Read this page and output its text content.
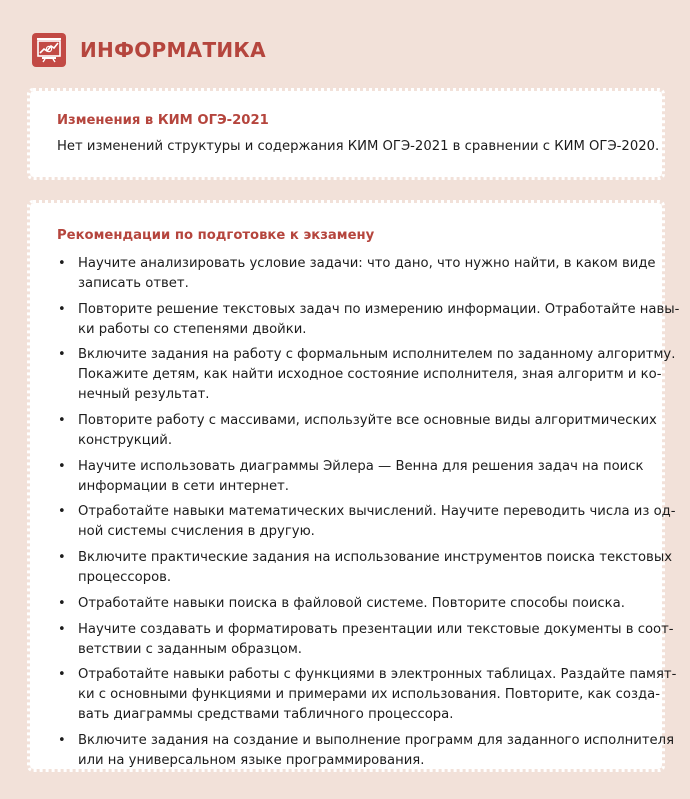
ИНФОРМАТИКА
Изменения в КИМ ОГЭ-2021
Нет изменений структуры и содержания КИМ ОГЭ-2021 в сравнении с КИМ ОГЭ-2020.
Рекомендации по подготовке к экзамену
• Научите анализировать условие задачи: что дано, что нужно найти, в каком виде
записать ответ.
• Повторите решение текстовых задач по измерению информации. Отработайте навы-
ки работы со степенями двойки.
• Включите задания на работу с формальным исполнителем по заданному алгоритму.
Покажите детям, как найти исходное состояние исполнителя, зная алгоритм и ко-
нечный результат.
• Повторите работу с массивами, используйте все основные виды алгоритмических
конструкций.
• Научите использовать диаграммы Эйлера — Венна для решения задач на поиск
информации в сети интернет.
• Отработайте навыки математических вычислений. Научите переводить числа из од-
ной системы счисления в другую.
• Включите практические задания на использование инструментов поиска текстовых
процессоров.
• Отработайте навыки поиска в файловой системе. Повторите способы поиска.
• Научите создавать и форматировать презентации или текстовые документы в соот-
ветствии с заданным образцом.
• Отработайте навыки работы с функциями в электронных таблицах. Раздайте памят-
ки с основными функциями и примерами их использования. Повторите, как созда-
вать диаграммы средствами табличного процессора.
• Включите задания на создание и выполнение программ для заданного исполнителя
или на универсальном языке программирования.
